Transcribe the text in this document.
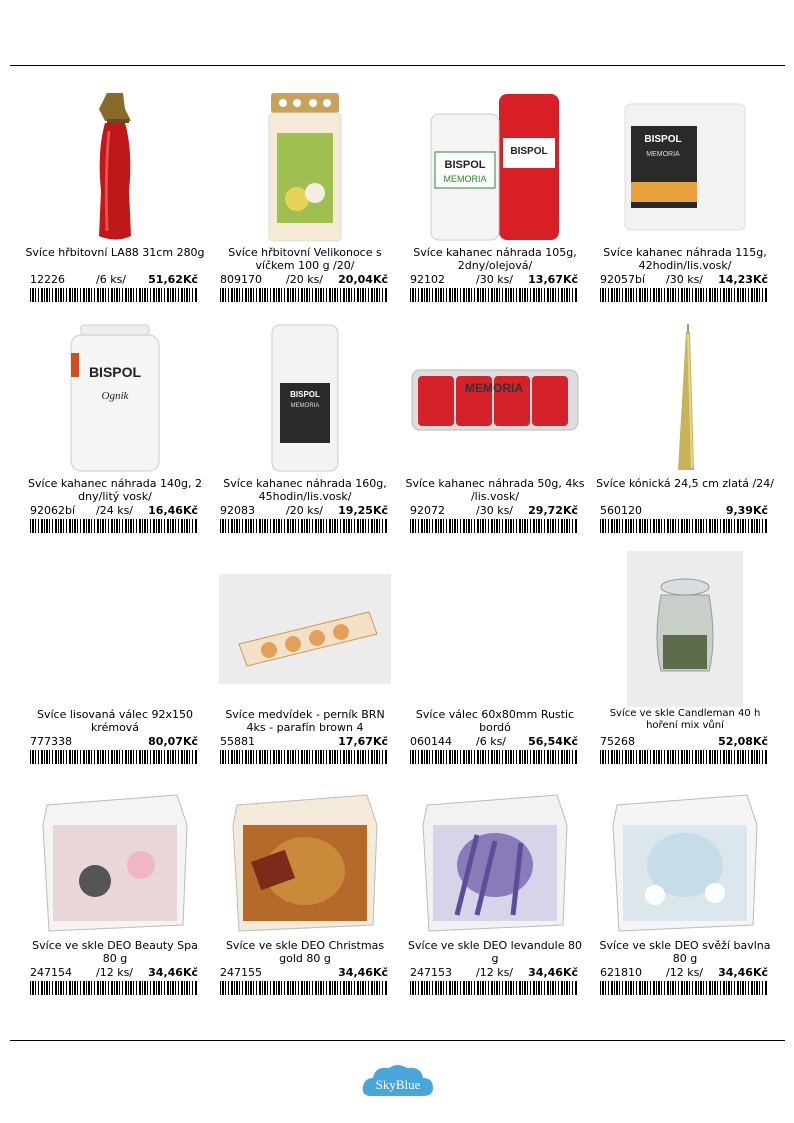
Svíce hřbitovní LA88 31cm 280g
12226	/6 ks/ 51,62Kč
Svíce hřbitovní Velikonoce s víčkem 100 g /20/
809170 /20 ks/ 20,04Kč
BISPOL
BISPOL
MEMORIA
Svíce kahanec náhrada 105g, 2dny/olejová/
92102	/30 ks/ 13,67Kč
BISPOL
MEMORIA
Svíce kahanec náhrada 115g, 42hodin/lis.vosk/
92057bí /30 ks/ 14,23Kč
BISPOL
Ognik
Svíce kahanec náhrada 140g, 2 dny/litý vosk/
92062bí /24 ks/ 16,46Kč
BISPOL
MEMORIA
Svíce kahanec náhrada 160g, 45hodin/lis.vosk/
92083	/20 ks/ 19,25Kč
MEMORIA
Svíce kahanec náhrada 50g, 4ks /lis.vosk/
92072	/30 ks/ 29,72Kč
Svíce kónická 24,5 cm zlatá /24/
560120	9,39Kč
Svíce lisovaná válec 92x150 krémová
777338	80,07Kč
Svíce medvídek - perník BRN 4ks - parafín brown 4
55881	17,67Kč
Svíce válec 60x80mm Rustic bordó
060144 /6 ks/ 56,54Kč
Svíce ve skle Candleman 40 h hoření mix vůní
75268	52,08Kč
Svíce ve skle DEO Beauty Spa 80 g
247154 /12 ks/ 34,46Kč
Svíce ve skle DEO Christmas gold 80 g
247155	34,46Kč
Svíce ve skle DEO levandule 80 g
247153 /12 ks/ 34,46Kč
Svíce ve skle DEO svěží bavlna 80 g
621810 /12 ks/ 34,46Kč
SkyBlue
